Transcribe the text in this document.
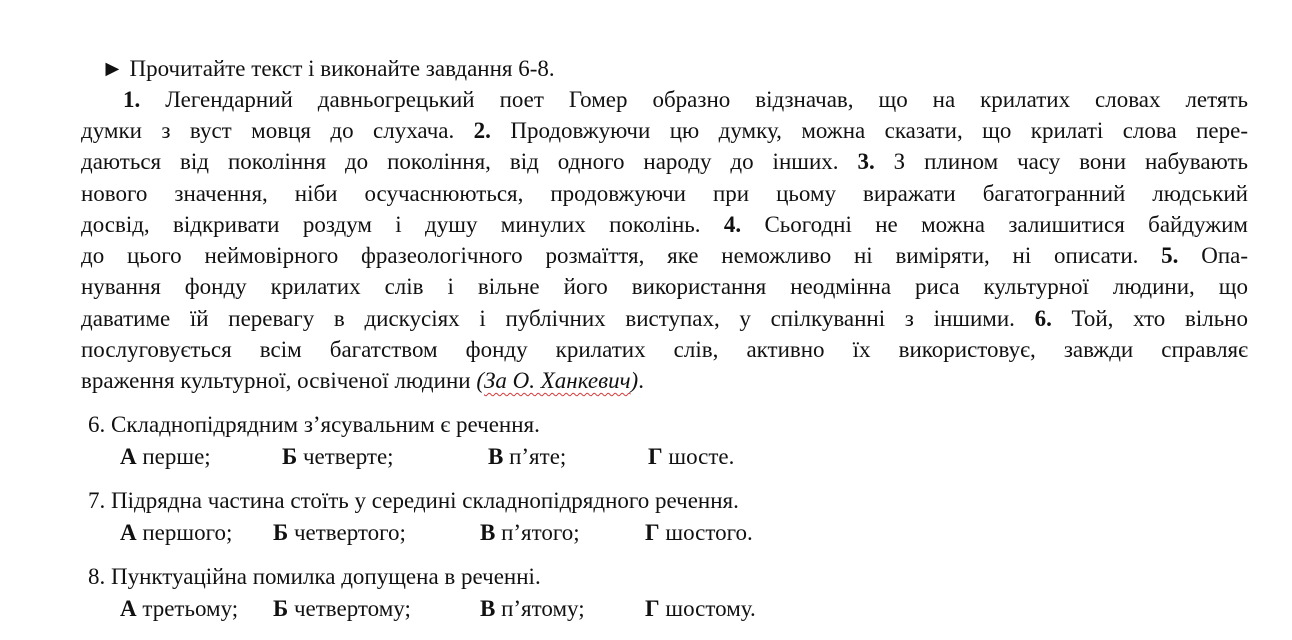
► Прочитайте текст і виконайте завдання 6-8.
1. Легендарний давньогрецький поет Гомер образно відзначав, що на крилатих словах летять
думки з вуст мовця до слухача. 2. Продовжуючи цю думку, можна сказати, що крилаті слова пере-
даються від покоління до покоління, від одного народу до інших. 3. З плином часу вони набувають
нового значення, ніби осучаснюються, продовжуючи при цьому виражати багатогранний людський
досвід, відкривати роздум і душу минулих поколінь. 4. Сьогодні не можна залишитися байдужим
до цього неймовірного фразеологічного розмаїття, яке неможливо ні виміряти, ні описати. 5. Опа-
нування фонду крилатих слів і вільне його використання неодмінна риса культурної людини, що
даватиме їй перевагу в дискусіях і публічних виступах, у спілкуванні з іншими. 6. Той, хто вільно
послуговується всім багатством фонду крилатих слів, активно їх використовує, завжди справляє
враження культурної, освіченої людини (За О. Ханкевич).
6. Складнопідрядним з’ясувальним є речення.
А перше;	Б четверте;	В п’яте;	Г шосте.
7. Підрядна частина стоїть у середині складнопідрядного речення.
А першого; Б четвертого;	В п’ятого;	Г шостого.
8. Пунктуаційна помилка допущена в реченні.
А третьому; Б четвертому;	В п’ятому;	Г шостому.
